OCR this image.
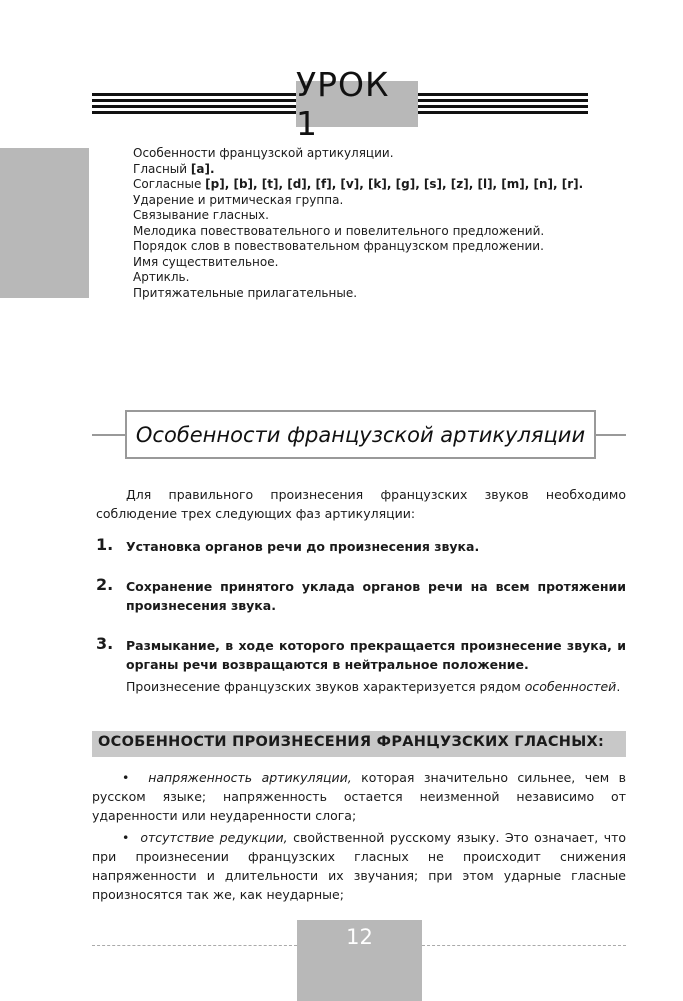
УРОК 1
Особенности французской артикуляции.
Гласный [a].
Согласные [p], [b], [t], [d], [f], [v], [k], [g], [s], [z], [l], [m], [n], [r].
Ударение и ритмическая группа.
Связывание гласных.
Мелодика повествовательного и повелительного предложений.
Порядок слов в повествовательном французском предложении.
Имя существительное.
Артикль.
Притяжательные прилагательные.
Особенности французской артикуляции
Для правильного произнесения французских звуков необходимо соблюдение трех следующих фаз артикуляции:
1. Установка органов речи до произнесения звука.
2. Сохранение принятого уклада органов речи на всем протяжении произнесения звука.
3. Размыкание, в ходе которого прекращается произнесение звука, и органы речи возвращаются в нейтральное положение.
Произнесение французских звуков характеризуется рядом особенностей.
ОСОБЕННОСТИ ПРОИЗНЕСЕНИЯ ФРАНЦУЗСКИХ ГЛАСНЫХ:
• напряженность артикуляции, которая значительно сильнее, чем в русском языке; напряженность остается неизменной независимо от ударенности или неударенности слога;
• отсутствие редукции, свойственной русскому языку. Это означает, что при произнесении французских гласных не происходит снижения напряженности и длительности их звучания; при этом ударные гласные произносятся так же, как неударные;
12
